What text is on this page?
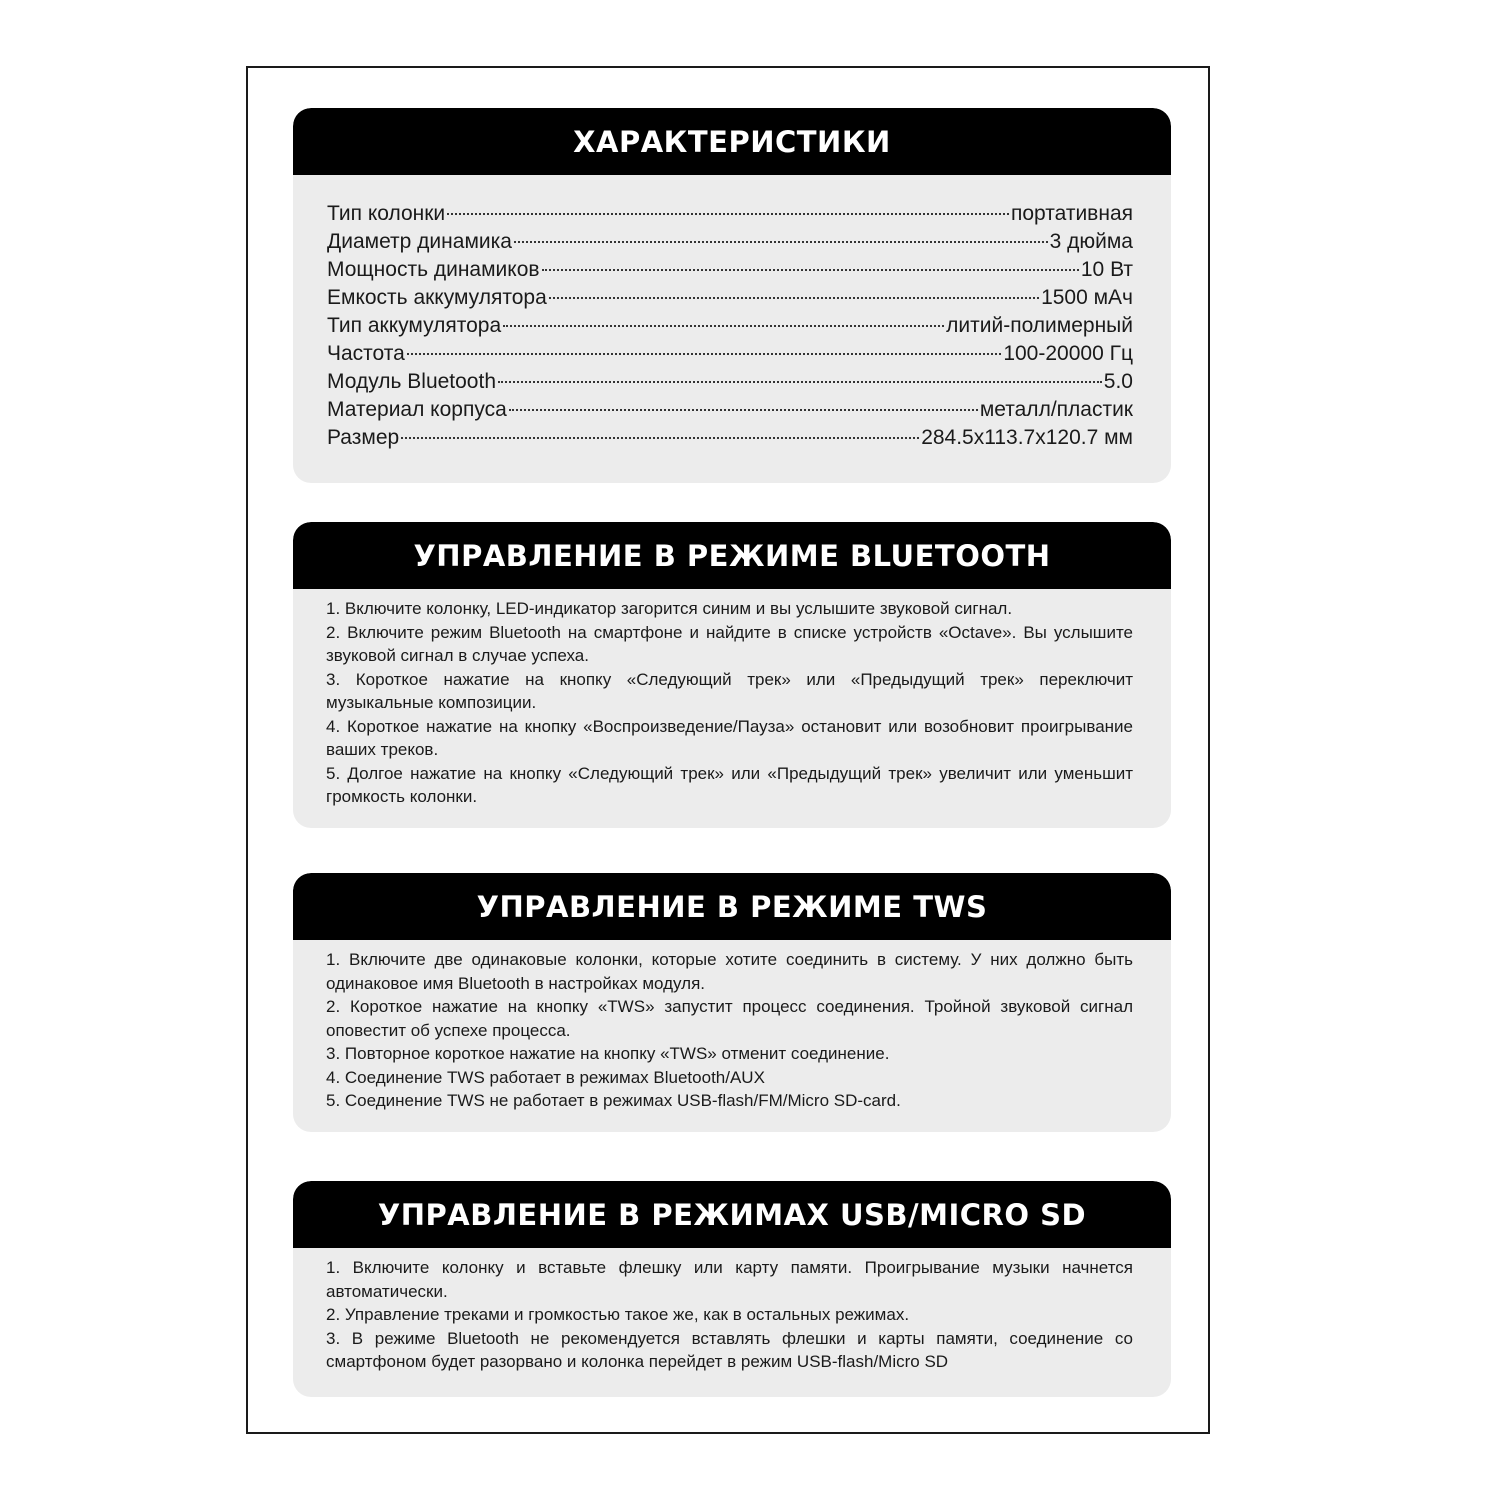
ХАРАКТЕРИСТИКИ
Тип колонки	портативная
Диаметр динамика	3 дюйма
Мощность динамиков	10 Вт
Емкость аккумулятора	1500 мАч
Тип аккумулятора	литий-полимерный
Частота	100-20000 Гц
Модуль Bluetooth	5.0
Материал корпуса	металл/пластик
Размер	284.5x113.7x120.7 мм
УПРАВЛЕНИЕ В РЕЖИМЕ BLUETOOTH

1. Включите колонку, LED-индикатор загорится синим и вы услышите звуковой сигнал.

2. Включите режим Bluetooth на смартфоне и найдите в списке устройств «Octave». Вы услышите звуковой сигнал в случае успеха.

3. Короткое нажатие на кнопку «Следующий трек» или «Предыдущий трек» переключит музыкальные композиции.

4. Короткое нажатие на кнопку «Воспроизведение/Пауза» остановит или возобновит проигрывание ваших треков.

5. Долгое нажатие на кнопку «Следующий трек» или «Предыдущий трек» увеличит или уменьшит громкость колонки.

УПРАВЛЕНИЕ В РЕЖИМЕ TWS

1. Включите две одинаковые колонки, которые хотите соединить в систему. У них должно быть одинаковое имя Bluetooth в настройках модуля.

2. Короткое нажатие на кнопку «TWS» запустит процесс соединения. Тройной звуковой сигнал оповестит об успехе процесса.

3. Повторное короткое нажатие на кнопку «TWS» отменит соединение.

4. Соединение TWS работает в режимах Bluetooth/AUX

5. Соединение TWS не работает в режимах USB-flash/FM/Micro SD-card.

УПРАВЛЕНИЕ В РЕЖИМАХ USB/MICRO SD

1. Включите колонку и вставьте флешку или карту памяти. Проигрывание музыки начнется автоматически.

2. Управление треками и громкостью такое же, как в остальных режимах.

3. В режиме Bluetooth не рекомендуется вставлять флешки и карты памяти, соединение со смартфоном будет разорвано и колонка перейдет в режим USB-flash/Micro SD
